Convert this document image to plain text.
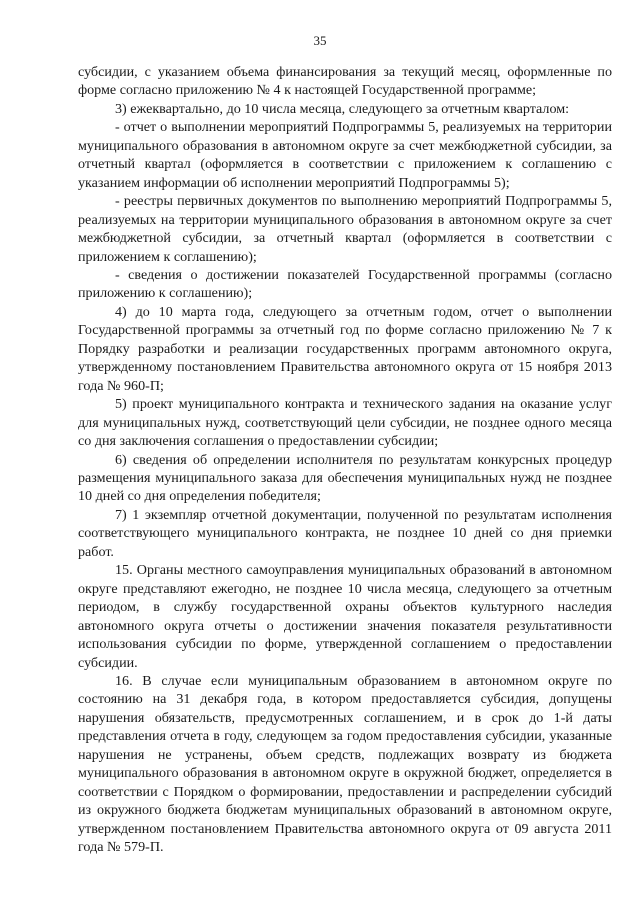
35

субсидии, с указанием объема финансирования за текущий месяц, оформленные по форме согласно приложению № 4 к настоящей Государственной программе;

3) ежеквартально, до 10 числа месяца, следующего за отчетным кварталом:

- отчет о выполнении мероприятий Подпрограммы 5, реализуемых на территории муниципального образования в автономном округе за счет межбюджетной субсидии, за отчетный квартал (оформляется в соответствии с приложением к соглашению с указанием информации об исполнении мероприятий Подпрограммы 5);

- реестры первичных документов по выполнению мероприятий Подпрограммы 5, реализуемых на территории муниципального образования в автономном округе за счет межбюджетной субсидии, за отчетный квартал (оформляется в соответствии с приложением к соглашению);

- сведения о достижении показателей Государственной программы (согласно приложению к соглашению);

4) до 10 марта года, следующего за отчетным годом, отчет о выполнении Государственной программы за отчетный год по форме согласно приложению № 7 к Порядку разработки и реализации государственных программ автономного округа, утвержденному постановлением Правительства автономного округа от 15 ноября 2013 года № 960-П;

5) проект муниципального контракта и технического задания на оказание услуг для муниципальных нужд, соответствующий цели субсидии, не позднее одного месяца со дня заключения соглашения о предоставлении субсидии;

6) сведения об определении исполнителя по результатам конкурсных процедур размещения муниципального заказа для обеспечения муниципальных нужд не позднее 10 дней со дня определения победителя;

7) 1 экземпляр отчетной документации, полученной по результатам исполнения соответствующего муниципального контракта, не позднее 10 дней со дня приемки работ.

15. Органы местного самоуправления муниципальных образований в автономном округе представляют ежегодно, не позднее 10 числа месяца, следующего за отчетным периодом, в службу государственной охраны объектов культурного наследия автономного округа отчеты о достижении значения показателя результативности использования субсидии по форме, утвержденной соглашением о предоставлении субсидии.

16. В случае если муниципальным образованием в автономном округе по состоянию на 31 декабря года, в котором предоставляется субсидия, допущены нарушения обязательств, предусмотренных соглашением, и в срок до 1-й даты представления отчета в году, следующем за годом предоставления субсидии, указанные нарушения не устранены, объем средств, подлежащих возврату из бюджета муниципального образования в автономном округе в окружной бюджет, определяется в соответствии с Порядком о формировании, предоставлении и распределении субсидий из окружного бюджета бюджетам муниципальных образований в автономном округе, утвержденном постановлением Правительства автономного округа от 09 августа 2011 года № 579-П.
